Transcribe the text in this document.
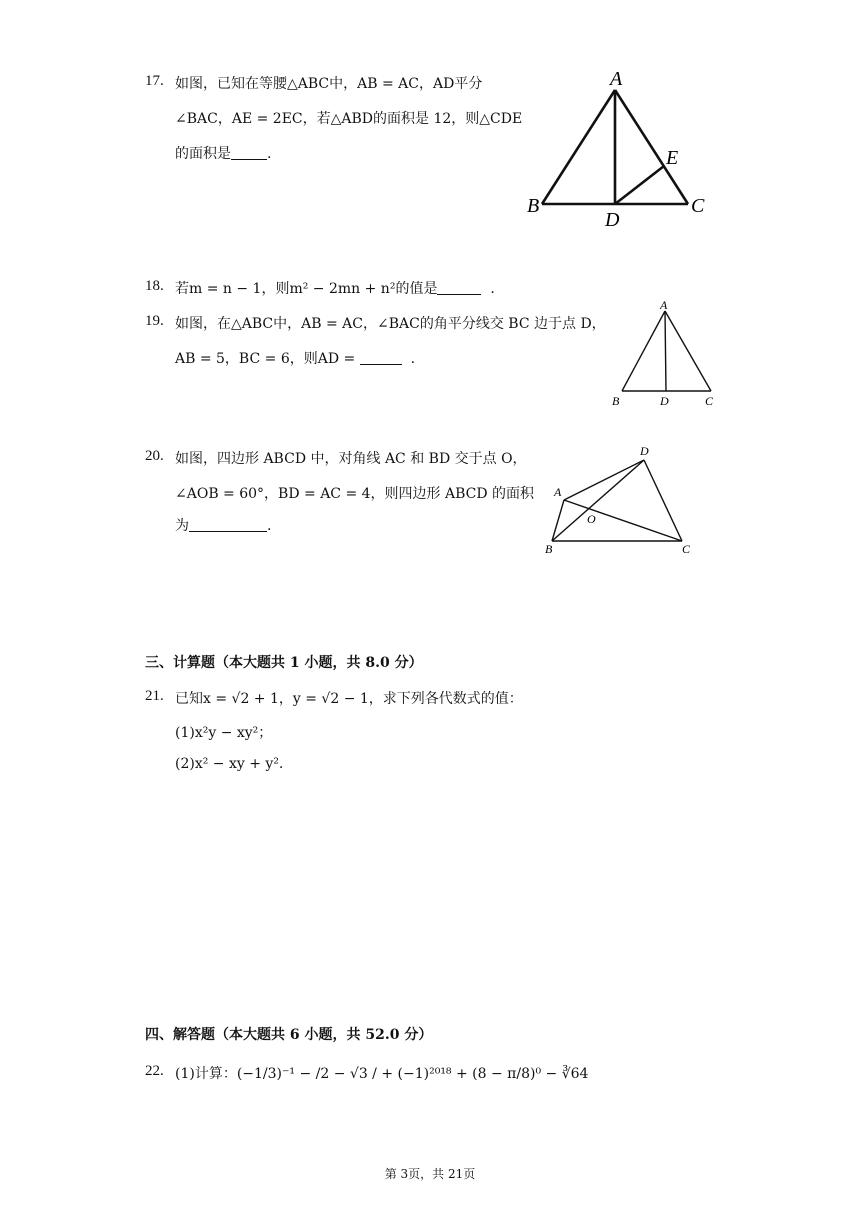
17. 如图，已知在等腰△ABC中，AB = AC，AD平分
∠BAC，AE = 2EC，若△ABD的面积是 12，则△CDE
的面积是	.
A
B	C
D
E
18. 若m = n − 1，则m² − 2mn + n²的值是	.
19. 如图，在△ABC中，AB = AC，∠BAC的角平分线交 BC 边于点 D，
AB = 5，BC = 6，则AD =	.
A
B	C
D
20. 如图，四边形 ABCD 中，对角线 AC 和 BD 交于点 O，
∠AOB = 60°，BD = AC = 4，则四边形 ABCD 的面积
为	.
D
A
O
B	C
三、计算题（本大题共 1 小题，共 8.0 分）
21. 已知x = √2 + 1，y = √2 − 1，求下列各代数式的值：
(1)x²y − xy²；
(2)x² − xy + y².
四、解答题（本大题共 6 小题，共 52.0 分）
22. (1)计算：(−1/3)⁻¹ − /2 − √3 / + (−1)²⁰¹⁸ + (8 − π/8)⁰ − ∛64
第 3页，共 21页
